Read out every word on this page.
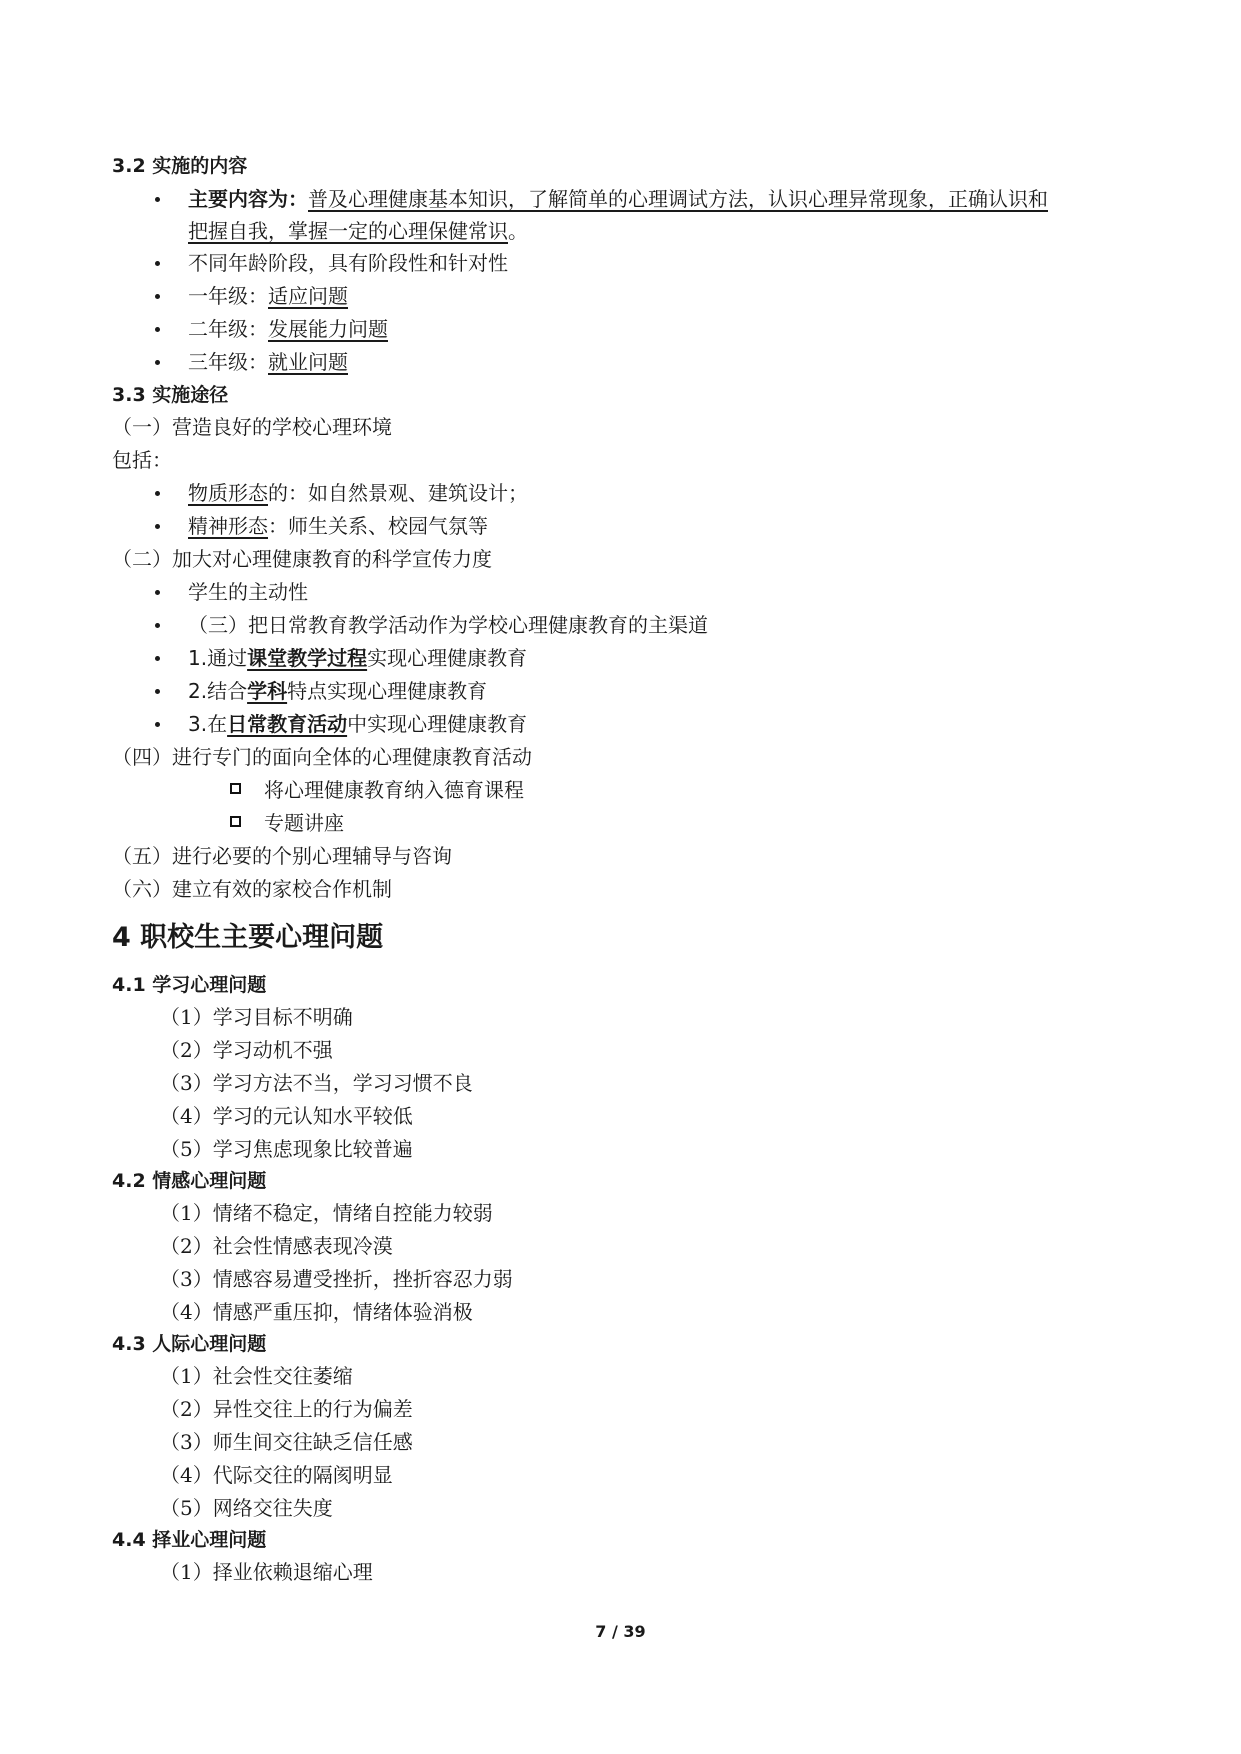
3.2 实施的内容
主要内容为：普及心理健康基本知识，了解简单的心理调试方法，认识心理异常现象，正确认识和
把握自我，掌握一定的心理保健常识。
不同年龄阶段，具有阶段性和针对性
一年级：适应问题
二年级：发展能力问题
三年级：就业问题
3.3 实施途径
（一）营造良好的学校心理环境
包括：
物质形态的：如自然景观、建筑设计；
精神形态：师生关系、校园气氛等
（二）加大对心理健康教育的科学宣传力度
学生的主动性
（三）把日常教育教学活动作为学校心理健康教育的主渠道
1.通过课堂教学过程实现心理健康教育
2.结合学科特点实现心理健康教育
3.在日常教育活动中实现心理健康教育
（四）进行专门的面向全体的心理健康教育活动
将心理健康教育纳入德育课程
专题讲座
（五）进行必要的个别心理辅导与咨询
（六）建立有效的家校合作机制
4 职校生主要心理问题
4.1 学习心理问题
（1）学习目标不明确
（2）学习动机不强
（3）学习方法不当，学习习惯不良
（4）学习的元认知水平较低
（5）学习焦虑现象比较普遍
4.2 情感心理问题
（1）情绪不稳定，情绪自控能力较弱
（2）社会性情感表现冷漠
（3）情感容易遭受挫折，挫折容忍力弱
（4）情感严重压抑，情绪体验消极
4.3 人际心理问题
（1）社会性交往萎缩
（2）异性交往上的行为偏差
（3）师生间交往缺乏信任感
（4）代际交往的隔阂明显
（5）网络交往失度
4.4 择业心理问题
（1）择业依赖退缩心理
7 / 39
